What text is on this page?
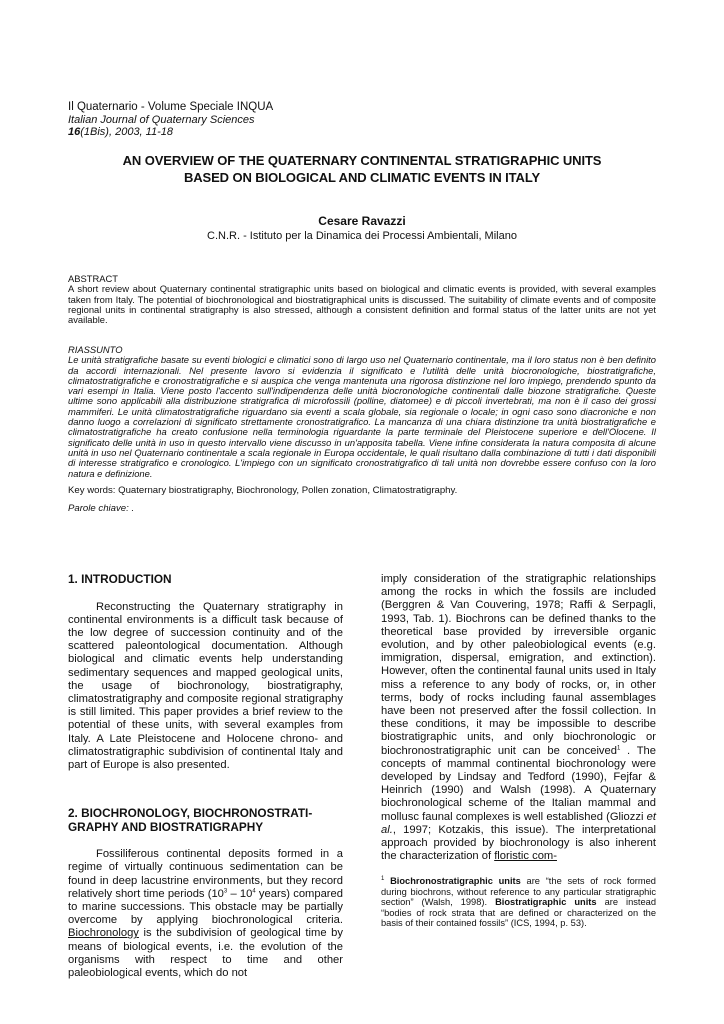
Il Quaternario - Volume Speciale INQUA
Italian Journal of Quaternary Sciences
16(1Bis), 2003, 11-18
AN OVERVIEW OF THE QUATERNARY CONTINENTAL STRATIGRAPHIC UNITS
BASED ON BIOLOGICAL AND CLIMATIC EVENTS IN ITALY
Cesare Ravazzi
C.N.R. - Istituto per la Dinamica dei Processi Ambientali, Milano
ABSTRACT
A short review about Quaternary continental stratigraphic units based on biological and climatic events is provided, with several examples taken from Italy. The potential of biochronological and biostratigraphical units is discussed. The suitability of climate events and of composite regional units in continental stratigraphy is also stressed, although a consistent definition and formal status of the latter units are not yet available.
RIASSUNTO
Le unità stratigrafiche basate su eventi biologici e climatici sono di largo uso nel Quaternario continentale, ma il loro status non è ben definito da accordi internazionali. Nel presente lavoro si evidenzia il significato e l'utilità delle unità biocronologiche, biostratigrafiche, climatostratigrafiche e cronostratigrafiche e si auspica che venga mantenuta una rigorosa distinzione nel loro impiego, prendendo spunto da vari esempi in Italia. Viene posto l'accento sull'indipendenza delle unità biocronologiche continentali dalle biozone stratigrafiche. Queste ultime sono applicabili alla distribuzione stratigrafica di microfossili (polline, diatomee) e di piccoli invertebrati, ma non è il caso dei grossi mammiferi. Le unità climatostratigrafiche riguardano sia eventi a scala globale, sia regionale o locale; in ogni caso sono diacroniche e non danno luogo a correlazioni di significato strettamente cronostratigrafico. La mancanza di una chiara distinzione tra unità biostratigrafiche e climatostratigrafiche ha creato confusione nella terminologia riguardante la parte terminale del Pleistocene superiore e dell'Olocene. Il significato delle unità in uso in questo intervallo viene discusso in un'apposita tabella. Viene infine considerata la natura composita di alcune unità in uso nel Quaternario continentale a scala regionale in Europa occidentale, le quali risultano dalla combinazione di tutti i dati disponibili di interesse stratigrafico e cronologico. L'impiego con un significato cronostratigrafico di tali unità non dovrebbe essere confuso con la loro natura e definizione.
Key words: Quaternary biostratigraphy, Biochronology, Pollen zonation, Climatostratigraphy.
Parole chiave: .
1. INTRODUCTION

Reconstructing the Quaternary stratigraphy in continental environments is a difficult task because of the low degree of succession continuity and of the scattered paleontological documentation. Although biological and climatic events help understanding sedimentary sequences and mapped geological units, the usage of biochronology, biostratigraphy, climatostratigraphy and composite regional stratigraphy is still limited. This paper provides a brief review to the potential of these units, with several examples from Italy. A Late Pleistocene and Holocene chrono- and climatostratigraphic subdivision of continental Italy and part of Europe is also presented.

2. BIOCHRONOLOGY, BIOCHRONOSTRATI-
GRAPHY AND BIOSTRATIGRAPHY

Fossiliferous continental deposits formed in a regime of virtually continuous sedimentation can be found in deep lacustrine environments, but they record relatively short time periods ($10^3 - 10^4$ years) compared to marine successions. This obstacle may be partially overcome by applying biochronological criteria. Biochronology is the subdivision of geological time by means of biological events, i.e. the evolution of the organisms with respect to time and other paleobiological events, which do not

imply consideration of the stratigraphic relationships among the rocks in which the fossils are included (Berggren & Van Couvering, 1978; Raffi & Serpagli, 1993, Tab. 1). Biochrons can be defined thanks to the theoretical base provided by irreversible organic evolution, and by other paleobiological events (e.g. immigration, dispersal, emigration, and extinction). However, often the continental faunal units used in Italy miss a reference to any body of rocks, or, in other terms, body of rocks including faunal assemblages have been not preserved after the fossil collection. In these conditions, it may be impossible to describe biostratigraphic units, and only biochronologic or biochronostratigraphic unit can be conceived$^1$ . The concepts of mammal continental biochronology were developed by Lindsay and Tedford (1990), Fejfar & Heinrich (1990) and Walsh (1998). A Quaternary biochronological scheme of the Italian mammal and mollusc faunal complexes is well established (Gliozzi et al., 1997; Kotzakis, this issue). The interpretational approach provided by biochronology is also inherent the characterization of floristic com-

$^1$ Biochronostratigraphic units are “the sets of rock formed during biochrons, without reference to any particular stratigraphic section” (Walsh, 1998). Biostratigraphic units are instead “bodies of rock strata that are defined or characterized on the basis of their contained fossils” (ICS, 1994, p. 53).
